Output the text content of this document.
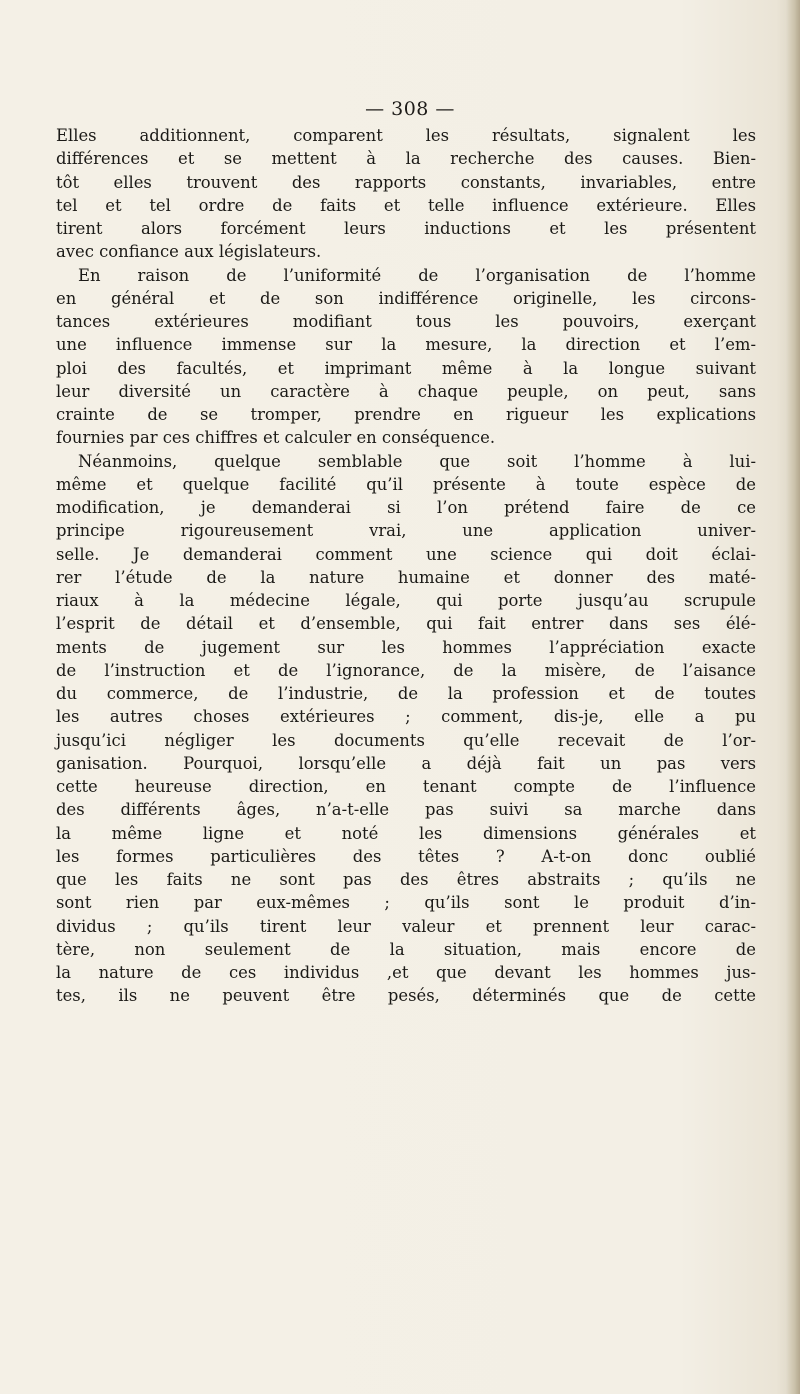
— 308 —
Elles additionnent, comparent les résultats, signalent les
différences et se mettent à la recherche des causes. Bien-
tôt elles trouvent des rapports constants, invariables, entre
tel et tel ordre de faits et telle influence extérieure. Elles
tirent alors forcément leurs inductions et les présentent
avec confiance aux législateurs.
En raison de l’uniformité de l’organisation de l’homme
en général et de son indifférence originelle, les circons-
tances extérieures modifiant tous les pouvoirs, exerçant
une influence immense sur la mesure, la direction et l’em-
ploi des facultés, et imprimant même à la longue suivant
leur diversité un caractère à chaque peuple, on peut, sans
crainte de se tromper, prendre en rigueur les explications
fournies par ces chiffres et calculer en conséquence.
Néanmoins, quelque semblable que soit l’homme à lui-
même et quelque facilité qu’il présente à toute espèce de
modification, je demanderai si l’on prétend faire de ce
principe rigoureusement vrai, une application univer-
selle. Je demanderai comment une science qui doit éclai-
rer l’étude de la nature humaine et donner des maté-
riaux à la médecine légale, qui porte jusqu’au scrupule
l’esprit de détail et d’ensemble, qui fait entrer dans ses élé-
ments de jugement sur les hommes l’appréciation exacte
de l’instruction et de l’ignorance, de la misère, de l’aisance
du commerce, de l’industrie, de la profession et de toutes
les autres choses extérieures ; comment, dis-je, elle a pu
jusqu’ici négliger les documents qu’elle recevait de l’or-
ganisation. Pourquoi, lorsqu’elle a déjà fait un pas vers
cette heureuse direction, en tenant compte de l’influence
des différents âges, n’a-t-elle pas suivi sa marche dans
la même ligne et noté les dimensions générales et
les formes particulières des têtes ? A-t-on donc oublié
que les faits ne sont pas des êtres abstraits ; qu’ils ne
sont rien par eux-mêmes ; qu’ils sont le produit d’in-
dividus ; qu’ils tirent leur valeur et prennent leur carac-
tère, non seulement de la situation, mais encore de
la nature de ces individus ,et que devant les hommes jus-
tes, ils ne peuvent être pesés, déterminés que de cette
